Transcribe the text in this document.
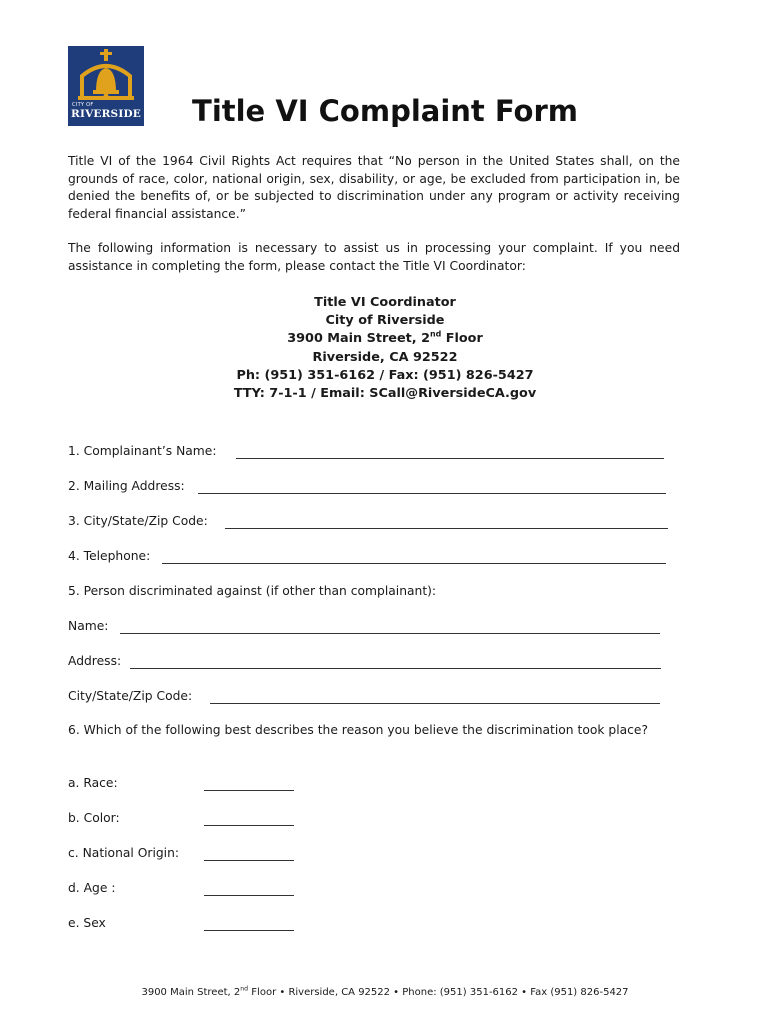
CITY OF
RIVERSIDE	Title VI Complaint Form

Title VI of the 1964 Civil Rights Act requires that “No person in the United States shall, on the grounds of race, color, national origin, sex, disability, or age, be excluded from participation in, be denied the benefits of, or be subjected to discrimination under any program or activity receiving federal financial assistance.”

The following information is necessary to assist us in processing your complaint. If you need assistance in completing the form, please contact the Title VI Coordinator:

Title VI Coordinator
City of Riverside
3900 Main Street, 2nd Floor
Riverside, CA 92522
Ph: (951) 351-6162 / Fax: (951) 826-5427
TTY: 7-1-1 / Email: SCall@RiversideCA.gov
1. Complainant’s Name:
2. Mailing Address:
3. City/State/Zip Code:
4. Telephone:
5. Person discriminated against (if other than complainant):
Name:
Address:
City/State/Zip Code:

6. Which of the following best describes the reason you believe the discrimination took place?

a. Race:
b. Color:
c. National Origin:
d. Age :
e. Sex
3900 Main Street, 2nd Floor • Riverside, CA 92522 • Phone: (951) 351-6162 • Fax (951) 826-5427
